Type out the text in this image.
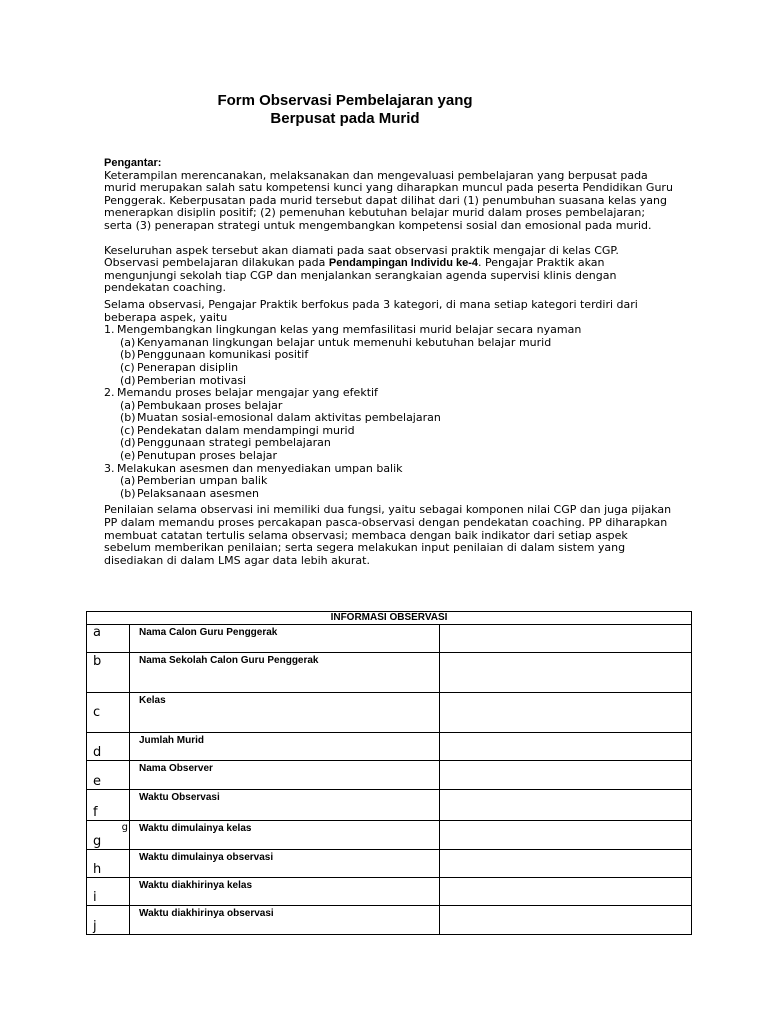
Form Observasi Pembelajaran yang
Berpusat pada Murid
Pengantar:

Keterampilan merencanakan, melaksanakan dan mengevaluasi pembelajaran yang berpusat pada murid merupakan salah satu kompetensi kunci yang diharapkan muncul pada peserta Pendidikan Guru Penggerak. Keberpusatan pada murid tersebut dapat dilihat dari (1) penumbuhan suasana kelas yang menerapkan disiplin positif; (2) pemenuhan kebutuhan belajar murid dalam proses pembelajaran; serta (3) penerapan strategi untuk mengembangkan kompetensi sosial dan emosional pada murid.

Keseluruhan aspek tersebut akan diamati pada saat observasi praktik mengajar di kelas CGP. Observasi pembelajaran dilakukan pada Pendampingan Individu ke-4. Pengajar Praktik akan mengunjungi sekolah tiap CGP dan menjalankan serangkaian agenda supervisi klinis dengan pendekatan coaching.

Selama observasi, Pengajar Praktik berfokus pada 3 kategori, di mana setiap kategori terdiri dari beberapa aspek, yaitu

1. Mengembangkan lingkungan kelas yang memfasilitasi murid belajar secara nyaman
(a) Kenyamanan lingkungan belajar untuk memenuhi kebutuhan belajar murid
(b) Penggunaan komunikasi positif
(c) Penerapan disiplin
(d) Pemberian motivasi
2. Memandu proses belajar mengajar yang efektif
(a) Pembukaan proses belajar
(b) Muatan sosial-emosional dalam aktivitas pembelajaran
(c) Pendekatan dalam mendampingi murid
(d) Penggunaan strategi pembelajaran
(e) Penutupan proses belajar
3. Melakukan asesmen dan menyediakan umpan balik
(a) Pemberian umpan balik
(b) Pelaksanaan asesmen

Penilaian selama observasi ini memiliki dua fungsi, yaitu sebagai komponen nilai CGP dan juga pijakan PP dalam memandu proses percakapan pasca-observasi dengan pendekatan coaching. PP diharapkan membuat catatan tertulis selama observasi; membaca dengan baik indikator dari setiap aspek sebelum memberikan penilaian; serta segera melakukan input penilaian di dalam sistem yang disediakan di dalam LMS agar data lebih akurat.

INFORMASI OBSERVASI		
a	Nama Calon Guru Penggerak	
b	Nama Sekolah Calon Guru Penggerak	
c	Kelas	
d	Jumlah Murid	
e	Nama Observer	
f	Waktu Observasi	

g
g	Waktu dimulainya kelas	
h	Waktu dimulainya observasi	
i	Waktu diakhirinya kelas	
j	Waktu diakhirinya observasi	
